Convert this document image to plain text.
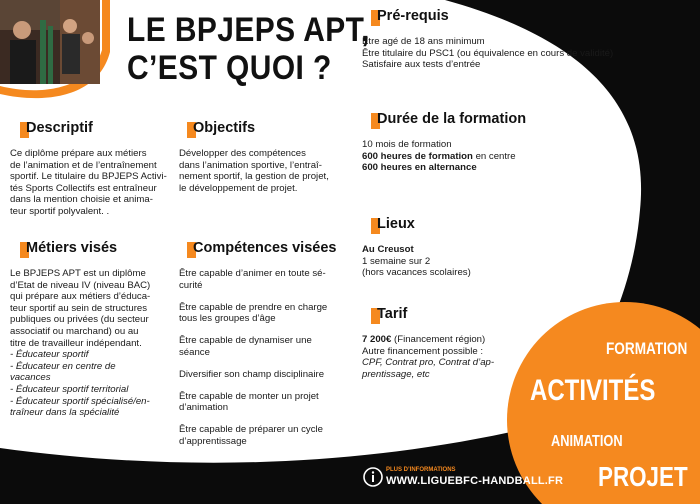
LE BPJEPS APT,
C’EST QUOI ?
Descriptif

Ce diplôme prépare aux métiers

de l’animation et de l’entraînement

sportif. Le titulaire du BPJEPS Activi-

tés Sports Collectifs est entraîneur

dans la mention choisie et anima-

teur sportif polyvalent. .

Objectifs

Développer des compétences

dans l’animation sportive, l’entraî-

nement sportif, la gestion de projet,

le développement de projet.

Métiers visés

Le BPJEPS APT est un diplôme

d’Etat de niveau IV (niveau BAC)

qui prépare aux métiers d’éduca-

teur sportif au sein de structures

publiques ou privées (du secteur

associatif ou marchand) ou au

titre de travailleur indépendant.

- Éducateur sportif

- Éducateur en centre de

vacances

- Éducateur sportif territorial

- Éducateur sportif spécialisé/en-

traîneur dans la spécialité

Compétences visées

Être capable d’animer en toute sé-
curité

Être capable de prendre en charge
tous les groupes d’âge

Être capable de dynamiser une
séance

Diversifier son champ disciplinaire

Être capable de monter un projet
d’animation

Être capable de préparer un cycle
d’apprentissage

Pré-requis

Être agé de 18 ans minimum

Être titulaire du PSC1 (ou équivalence en cours de validité)

Satisfaire aux tests d’entrée

Durée de la formation

10 mois de formation

600 heures de formation en centre

600 heures en alternance

Lieux

Au Creusot

1 semaine sur 2

(hors vacances scolaires)

Tarif

7 200€ (Financement région)

Autre financement possible :

CPF, Contrat pro, Contrat d’ap-

prentissage, etc

FORMATION
ACTIVITÉS
ANIMATION
PROJET
PLUS D’INFORMATIONS
WWW.LIGUEBFC-HANDBALL.FR
